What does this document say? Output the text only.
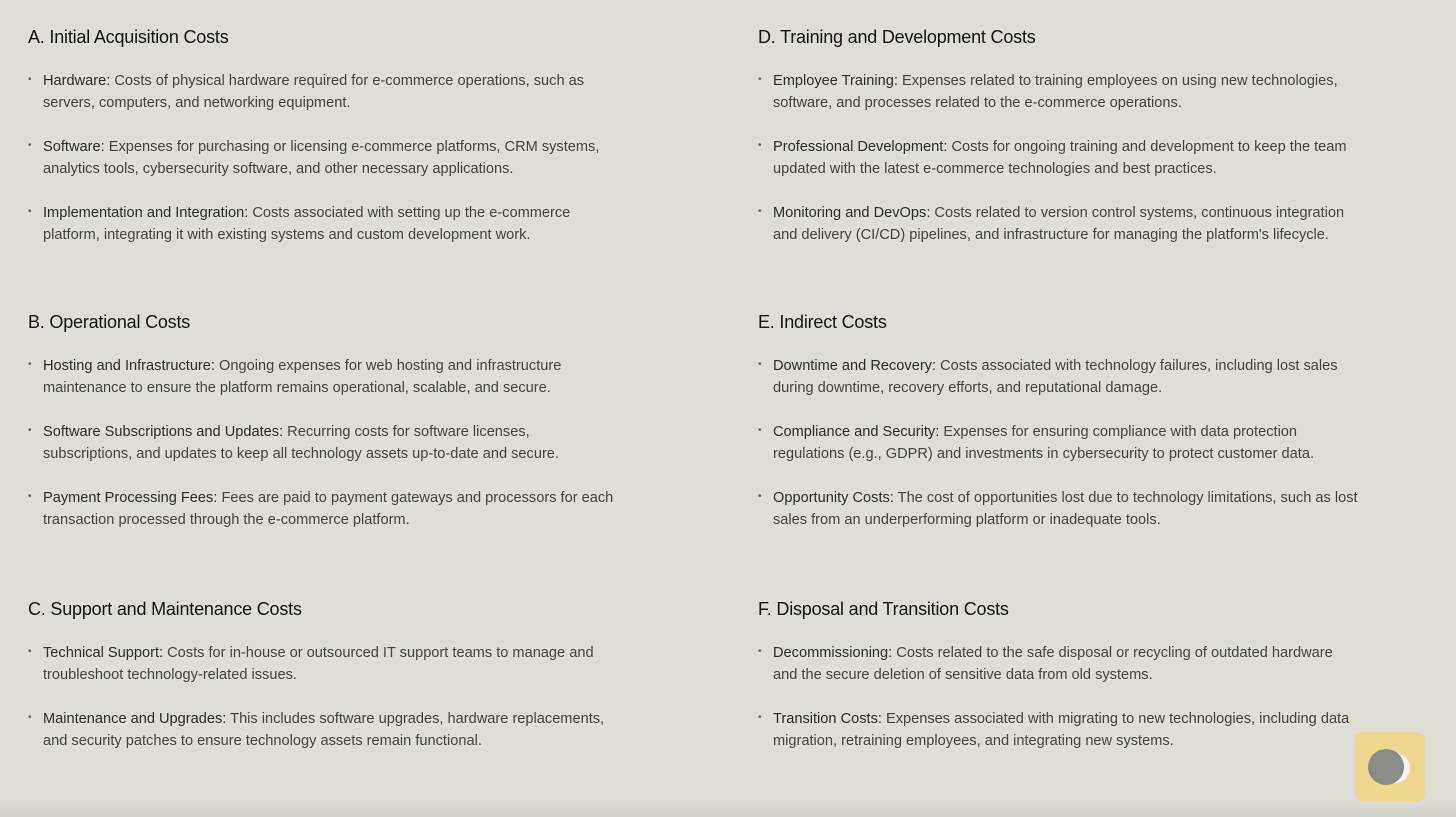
A. Initial Acquisition Costs
• Hardware: Costs of physical hardware required for e-commerce operations, such as servers, computers, and networking equipment.
• Software: Expenses for purchasing or licensing e-commerce platforms, CRM systems, analytics tools, cybersecurity software, and other necessary applications.
• Implementation and Integration: Costs associated with setting up the e-commerce platform, integrating it with existing systems and custom development work.
B. Operational Costs
• Hosting and Infrastructure: Ongoing expenses for web hosting and infrastructure maintenance to ensure the platform remains operational, scalable, and secure.
• Software Subscriptions and Updates: Recurring costs for software licenses, subscriptions, and updates to keep all technology assets up-to-date and secure.
• Payment Processing Fees: Fees are paid to payment gateways and processors for each transaction processed through the e-commerce platform.
C. Support and Maintenance Costs
• Technical Support: Costs for in-house or outsourced IT support teams to manage and troubleshoot technology-related issues.
• Maintenance and Upgrades: This includes software upgrades, hardware replacements, and security patches to ensure technology assets remain functional.
D. Training and Development Costs
• Employee Training: Expenses related to training employees on using new technologies, software, and processes related to the e-commerce operations.
• Professional Development: Costs for ongoing training and development to keep the team updated with the latest e-commerce technologies and best practices.
• Monitoring and DevOps: Costs related to version control systems, continuous integration and delivery (CI/CD) pipelines, and infrastructure for managing the platform's lifecycle.
E. Indirect Costs
• Downtime and Recovery: Costs associated with technology failures, including lost sales during downtime, recovery efforts, and reputational damage.
• Compliance and Security: Expenses for ensuring compliance with data protection regulations (e.g., GDPR) and investments in cybersecurity to protect customer data.
• Opportunity Costs: The cost of opportunities lost due to technology limitations, such as lost sales from an underperforming platform or inadequate tools.
F. Disposal and Transition Costs
• Decommissioning: Costs related to the safe disposal or recycling of outdated hardware and the secure deletion of sensitive data from old systems.
• Transition Costs: Expenses associated with migrating to new technologies, including data migration, retraining employees, and integrating new systems.
